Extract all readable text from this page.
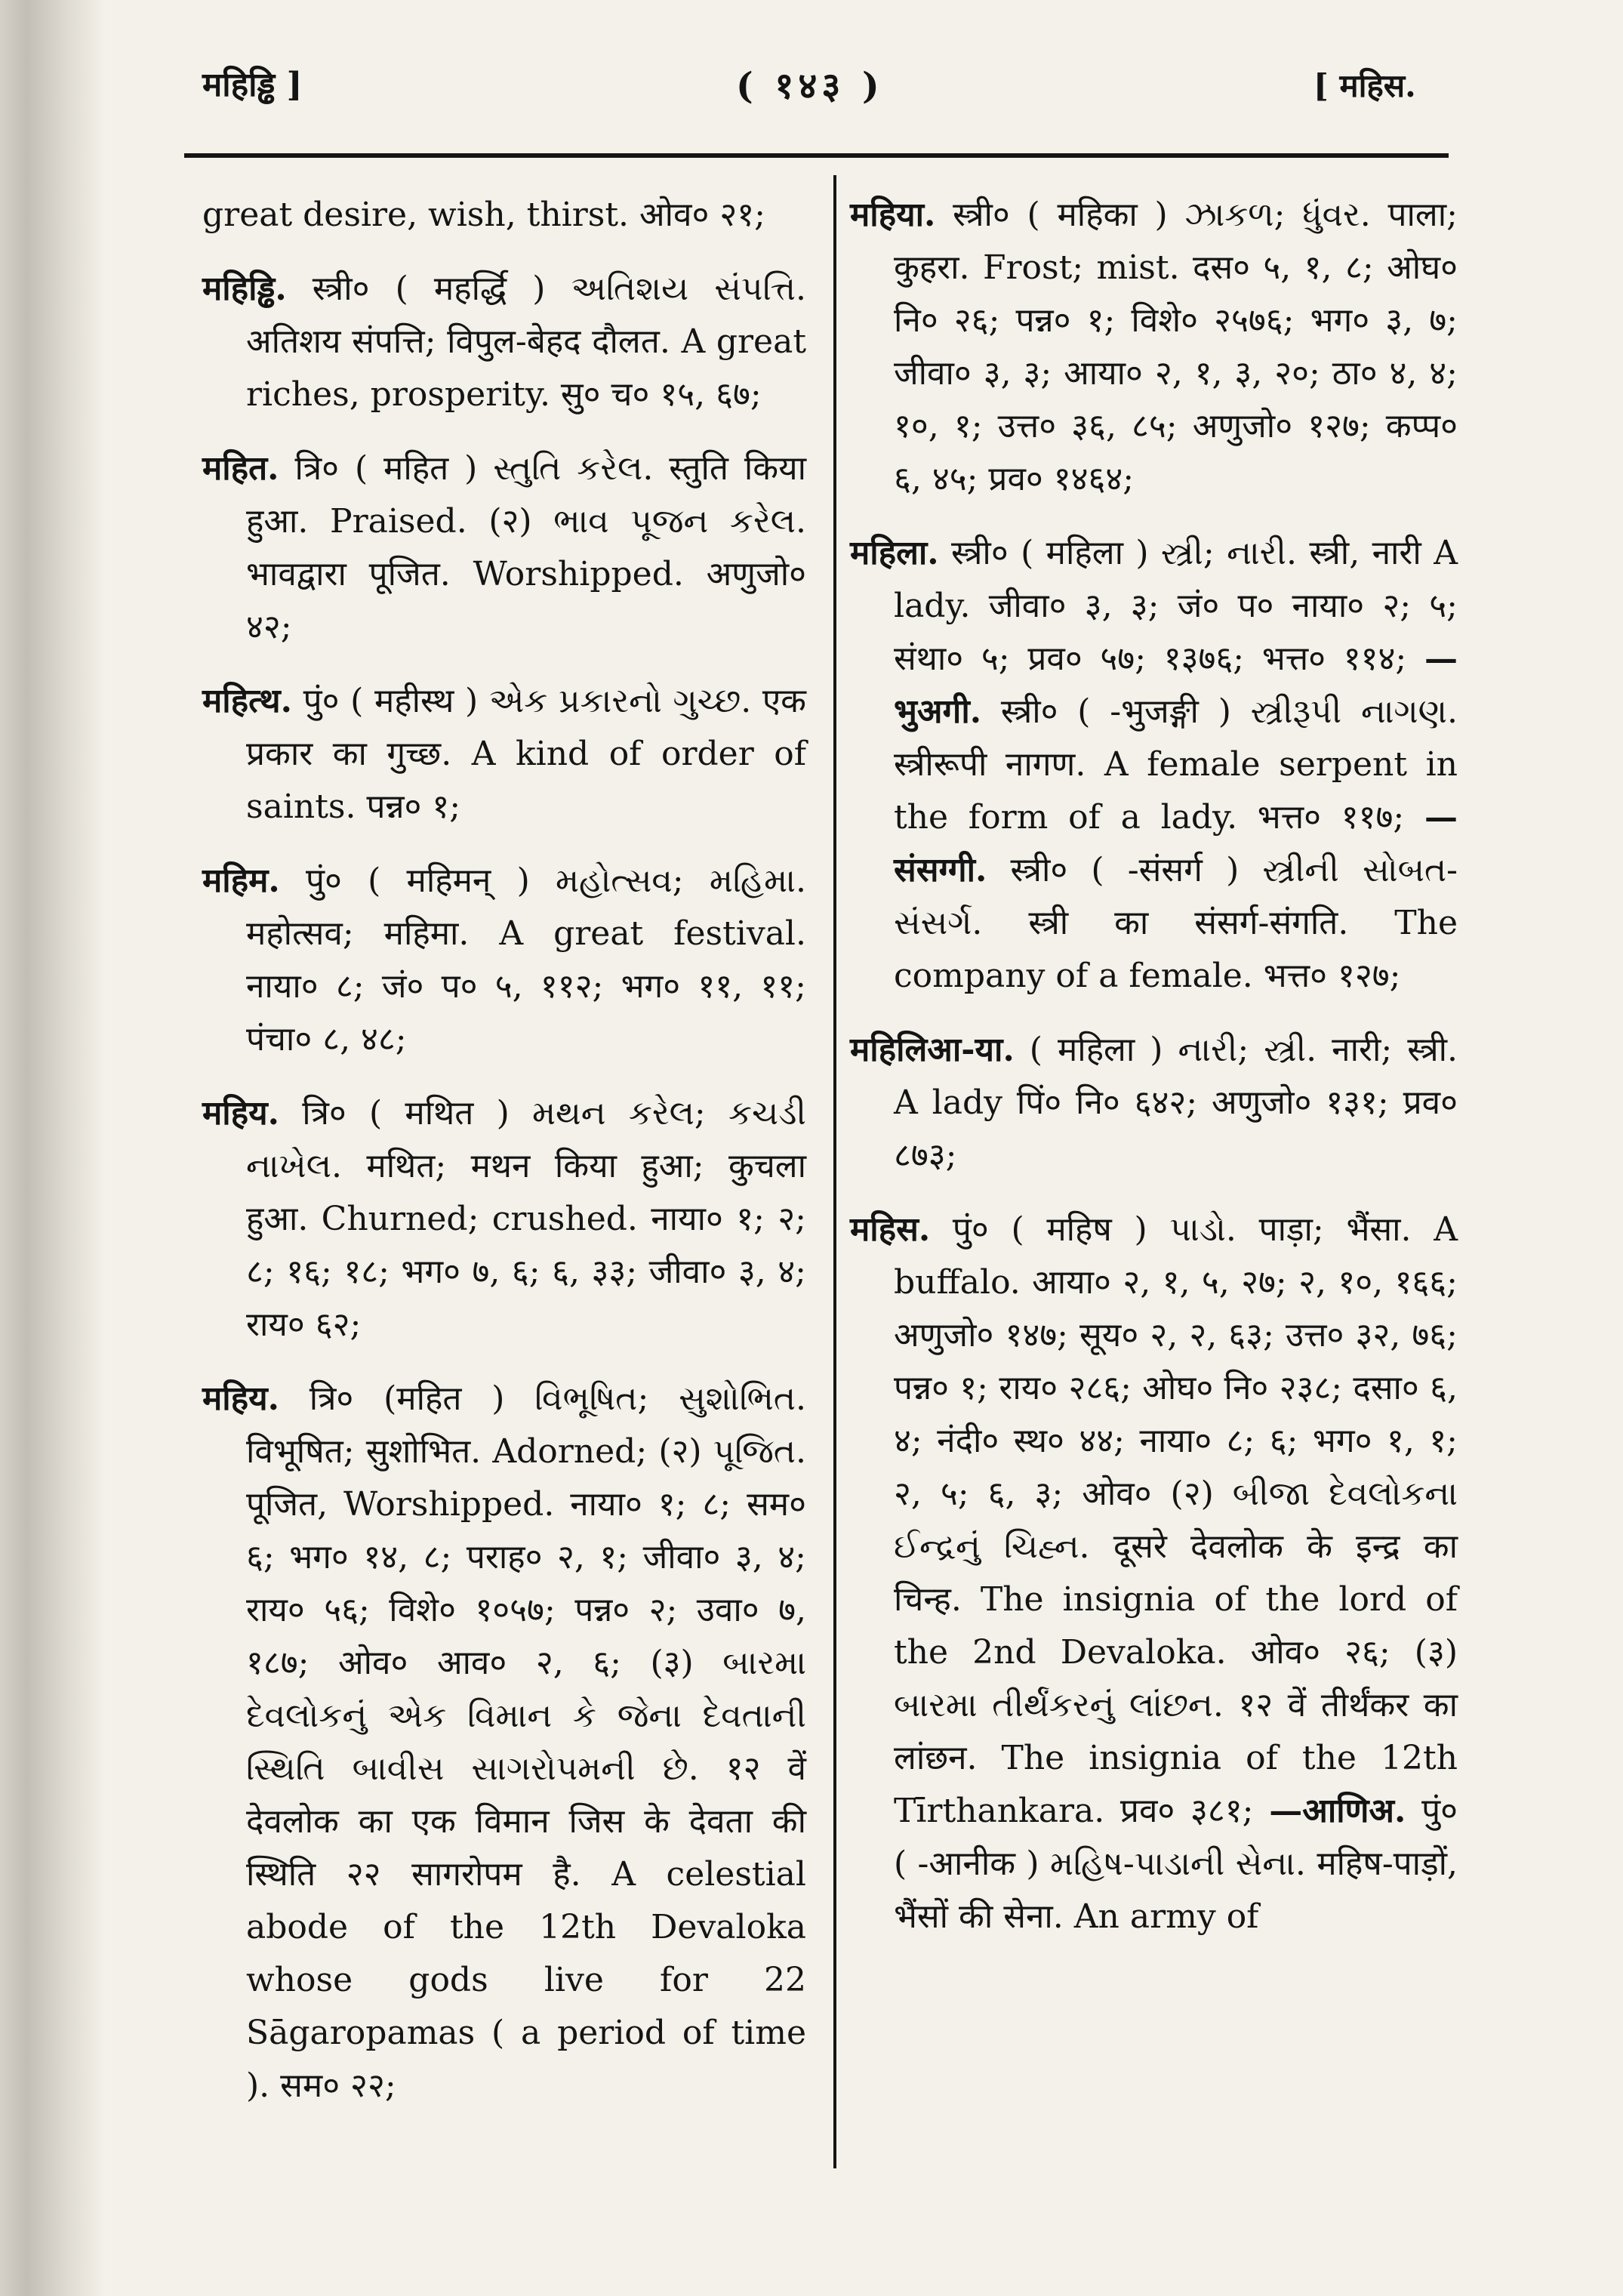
महिड्ढि ]	( १४३ )	[ महिस.

great desire, wish, thirst. ओव० २१;

महिड्ढि. स्त्री० ( महर्द्धि ) અતિશય સંપત્તિ. अतिशय संपत्ति; विपुल-बेहद दौलत. A great riches, prosperity. सु० च० १५, ६७;

महित. त्रि० ( महित ) સ્તુતિ કરેલ. स्तुति किया हुआ. Praised. (२) ભાવ પૂજન કરેલ. भावद्वारा पूजित. Worshipped. अणुजो० ४२;

महित्थ. पुं० ( महीस्थ ) એક પ્રકારનો ગુચ્છ. एक प्रकार का गुच्छ. A kind of order of saints. पन्न० १;

महिम. पुं० ( महिमन् ) મહોત્સવ; મહિમા. महोत्सव; महिमा. A great festival. नाया० ८; जं० प० ५, ११२; भग० ११, ११; पंचा० ८, ४८;

महिय. त्रि० ( मथित ) મથન કરેલ; કચડી નાખેલ. मथित; मथन किया हुआ; कुचला हुआ. Churned; crushed. नाया० १; २; ८; १६; १८; भग० ७, ६; ६, ३३; जीवा० ३, ४; राय० ६२;

महिय. त्रि० (महित ) વિભૂષિત; સુશોભિત. विभूषित; सुशोभित. Adorned; (२) પૂજિત. पूजित, Worshipped. नाया० १; ८; सम० ६; भग० १४, ८; पराह० २, १; जीवा० ३, ४; राय० ५६; विशे० १०५७; पन्न० २; उवा० ७, १८७; ओव० आव० २, ६; (३) બારમા દેવલોકનું એક વિમાન કે જેના દેવતાની સ્થિતિ બાવીસ સાગરોપમની છે. १२ वें देवलोक का एक विमान जिस के देवता की स्थिति २२ सागरोपम है. A celestial abode of the 12th Devaloka whose gods live for 22 Sāgaropamas ( a period of time ). सम० २२;

महिया. स्त्री० ( महिका ) ઝાકળ; ધુંવર. पाला; कुहरा. Frost; mist. दस० ५, १, ८; ओघ० नि० २६; पन्न० १; विशे० २५७६; भग० ३, ७; जीवा० ३, ३; आया० २, १, ३, २०; ठा० ४, ४; १०, १; उत्त० ३६, ८५; अणुजो० १२७; कप्प० ६, ४५; प्रव० १४६४;

महिला. स्त्री० ( महिला ) સ્ત્રી; નારી. स्त्री, नारी A lady. जीवा० ३, ३; जं० प० नाया० २; ५; संथा० ५; प्रव० ५७; १३७६; भत्त० ११४; —भुअगी. स्त्री० ( -भुजङ्गी ) સ્ત્રીરૂપી નાગણ. स्त्रीरूपी नागण. A female serpent in the form of a lady. भत्त० ११७; —संसग्गी. स्त्री० ( -संसर्ग ) સ્ત્રીની સોબત-સંસર્ગ. स्त्री का संसर्ग-संगति. The company of a female. भत्त० १२७;

महिलिआ-या. ( महिला ) નારી; સ્ત્રી. नारी; स्त्री. A lady पिं० नि० ६४२; अणुजो० १३१; प्रव० ८७३;

महिस. पुं० ( महिष ) પાડો. पाड़ा; भैंसा. A buffalo. आया० २, १, ५, २७; २, १०, १६६; अणुजो० १४७; सूय० २, २, ६३; उत्त० ३२, ७६; पन्न० १; राय० २८६; ओघ० नि० २३८; दसा० ६, ४; नंदी० स्थ० ४४; नाया० ८; ६; भग० १, १; २, ५; ६, ३; ओव० (२) બીજા દેવલોકના ઈન્દ્રનું ચિહ્ન. दूसरे देवलोक के इन्द्र का चिन्ह. The insignia of the lord of the 2nd Devaloka. ओव० २६; (३) બારમા તીર્થંકરનું લાંછન. १२ वें तीर्थंकर का लांछन. The insignia of the 12th Tīrthankara. प्रव० ३८१; —आणिअ. पुं० ( -आनीक ) મહિષ-પાડાની સેના. महिष-पाड़ों, भैंसों की सेना. An army of
